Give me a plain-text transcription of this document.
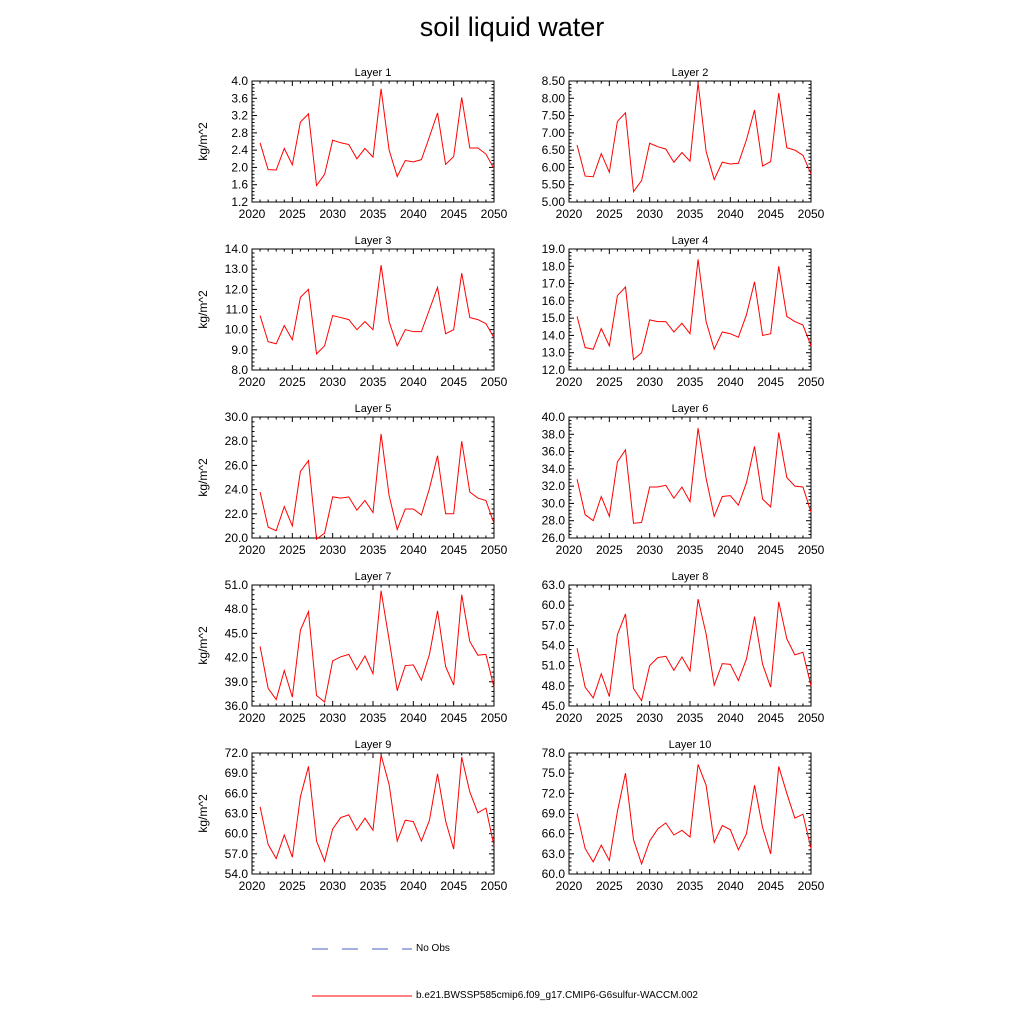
soil liquid water
2020 2025 2030 2035 2040 2045 2050
1.2
1.6
2.0
2.4
2.8
3.2
3.6
4.0
Layer 1
kg/m^2
2020 2025 2030 2035 2040 2045 2050
5.00
5.50
6.00
6.50
7.00
7.50
8.00
8.50
Layer 2
2020 2025 2030 2035 2040 2045 2050
8.0
9.0
10.0
11.0
12.0
13.0
14.0
Layer 3
kg/m^2
2020 2025 2030 2035 2040 2045 2050
12.0
13.0
14.0
15.0
16.0
17.0
18.0
19.0
Layer 4
2020 2025 2030 2035 2040 2045 2050
20.0
22.0
24.0
26.0
28.0
30.0
Layer 5
kg/m^2
2020 2025 2030 2035 2040 2045 2050
26.0
28.0
30.0
32.0
34.0
36.0
38.0
40.0
Layer 6
2020 2025 2030 2035 2040 2045 2050
36.0
39.0
42.0
45.0
48.0
51.0
Layer 7
kg/m^2
2020 2025 2030 2035 2040 2045 2050
45.0
48.0
51.0
54.0
57.0
60.0
63.0
Layer 8
2020 2025 2030 2035 2040 2045 2050
54.0
57.0
60.0
63.0
66.0
69.0
72.0
Layer 9
kg/m^2
2020 2025 2030 2035 2040 2045 2050
60.0
63.0
66.0
69.0
72.0
75.0
78.0
Layer 10
No Obs
b.e21.BWSSP585cmip6.f09_g17.CMIP6-G6sulfur-WACCM.002
